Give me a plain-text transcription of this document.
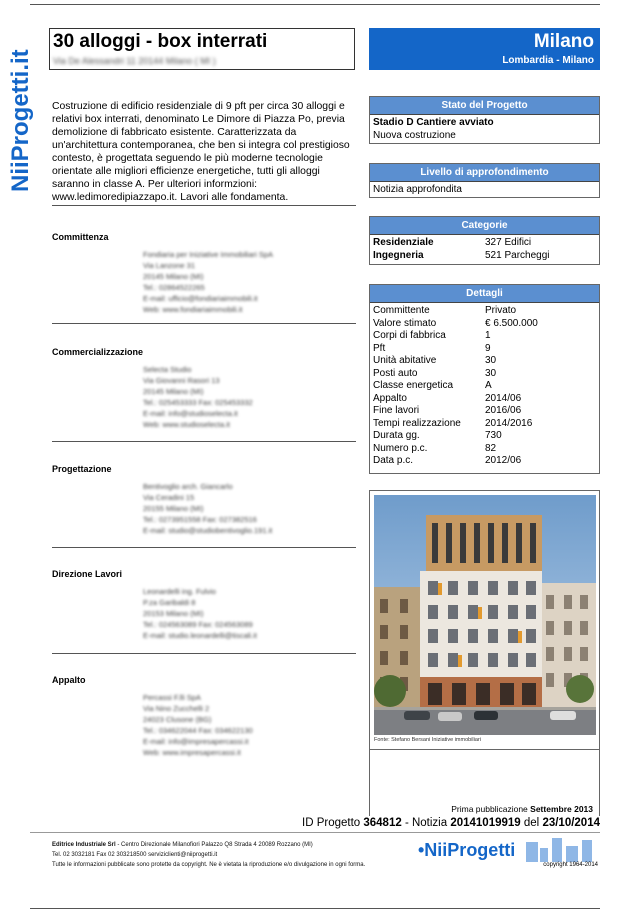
NiiProgetti.it
30 alloggi - box interrati
Via De Alessandri 11 20144 Milano ( MI )
Milano
Lombardia - Milano
Costruzione di edificio residenziale di 9 pft per circa 30 alloggi e relativi box interrati, denominato Le Dimore di Piazza Po, previa demolizione di fabbricato esistente. Caratterizzata da un'architettura contemporanea, che ben si integra col prestigioso contesto, è progettata seguendo le più moderne tecnologie orientate alle migliori efficienze energetiche, tutti gli alloggi saranno in classe A. Per ulteriori informzioni: www.ledimoredipiazzapo.it. Lavori alle fondamenta.
Committenza
Fondiaria per Iniziative Immobiliari SpA
Via Lanzone 31
20145 Milano (MI)
Tel.: 02864522265
E-mail: ufficio@fondiariaimmobili.it
Web: www.fondiariaimmobili.it
Commercializzazione
Selecta Studio
Via Giovanni Rasori 13
20145 Milano (MI)
Tel.: 025453333 Fax: 025453332
E-mail: info@studioselecta.it
Web: www.studioselecta.it
Progettazione
Bentivoglio arch. Giancarlo
Via Ceradini 15
20155 Milano (MI)
Tel.: 0273951558 Fax: 027382516
E-mail: studio@studiobentivoglio.191.it
Direzione Lavori
Leonardelli ing. Fulvio
P.za Garibaldi 8
20153 Milano (MI)
Tel.: 024563089 Fax: 024563089
E-mail: studio.leonardelli@tiscali.it
Appalto
Percassi F.lli SpA
Via Nino Zucchelli 2
24023 Clusone (BG)
Tel.: 034622044 Fax: 034622130
E-mail: info@impresapercassi.it
Web: www.impresapercassi.it
Stato del Progetto
Stadio D Cantiere avviato
Nuova costruzione
Livello di approfondimento
Notizia approfondita
Categorie
Residenziale	327 Edifici
Ingegneria	521 Parcheggi
Dettagli
Committente	Privato
Valore stimato	€ 6.500.000
Corpi di fabbrica	1
Pft	9
Unità abitative	30
Posti auto	30
Classe energetica	A
Appalto	2014/06
Fine lavori	2016/06
Tempi realizzazione	2014/2016
Durata gg.	730
Numero p.c.	82
Data p.c.	2012/06
Fonte: Stefano Bersani Iniziative immobiliari
Prima pubblicazione Settembre 2013
ID Progetto 364812 - Notizia 20141019919 del 23/10/2014
Editrice Industriale Srl - Centro Direzionale Milanofiori Palazzo Q8 Strada 4 20089 Rozzano (MI)
Tel. 02 3032181 Fax 02 303218500 serviziclienti@niiprogetti.it
Tutte le informazioni pubblicate sono protette da copyright. Ne è vietata la riproduzione e/o divulgazione in ogni forma.
•NiiProgetti
copyright 1964-2014
